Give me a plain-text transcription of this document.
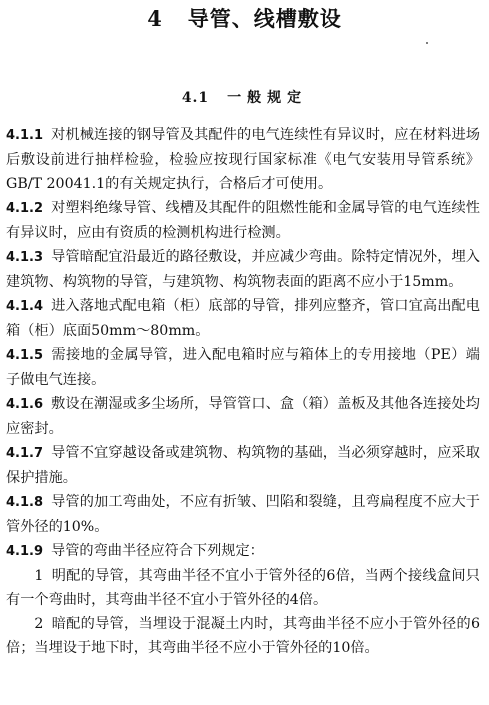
4 导管、线槽敷设
4.1 一般规定

4.1.1 对机械连接的钢导管及其配件的电气连续性有异议时，应在材料进场后敷设前进行抽样检验，检验应按现行国家标准《电气安装用导管系统》GB/T 20041.1的有关规定执行，合格后才可使用。

4.1.2 对塑料绝缘导管、线槽及其配件的阻燃性能和金属导管的电气连续性有异议时，应由有资质的检测机构进行检测。

4.1.3 导管暗配宜沿最近的路径敷设，并应减少弯曲。除特定情况外，埋入建筑物、构筑物的导管，与建筑物、构筑物表面的距离不应小于15mm。

4.1.4 进入落地式配电箱（柜）底部的导管，排列应整齐，管口宜高出配电箱（柜）底面50mm～80mm。

4.1.5 需接地的金属导管，进入配电箱时应与箱体上的专用接地（PE）端子做电气连接。

4.1.6 敷设在潮湿或多尘场所，导管管口、盒（箱）盖板及其他各连接处均应密封。

4.1.7 导管不宜穿越设备或建筑物、构筑物的基础，当必须穿越时，应采取保护措施。

4.1.8 导管的加工弯曲处，不应有折皱、凹陷和裂缝，且弯扁程度不应大于管外径的10%。

4.1.9 导管的弯曲半径应符合下列规定：

1 明配的导管，其弯曲半径不宜小于管外径的6倍，当两个接线盒间只有一个弯曲时，其弯曲半径不宜小于管外径的4倍。

2 暗配的导管，当埋设于混凝土内时，其弯曲半径不应小于管外径的6倍；当埋设于地下时，其弯曲半径不应小于管外径的10倍。
